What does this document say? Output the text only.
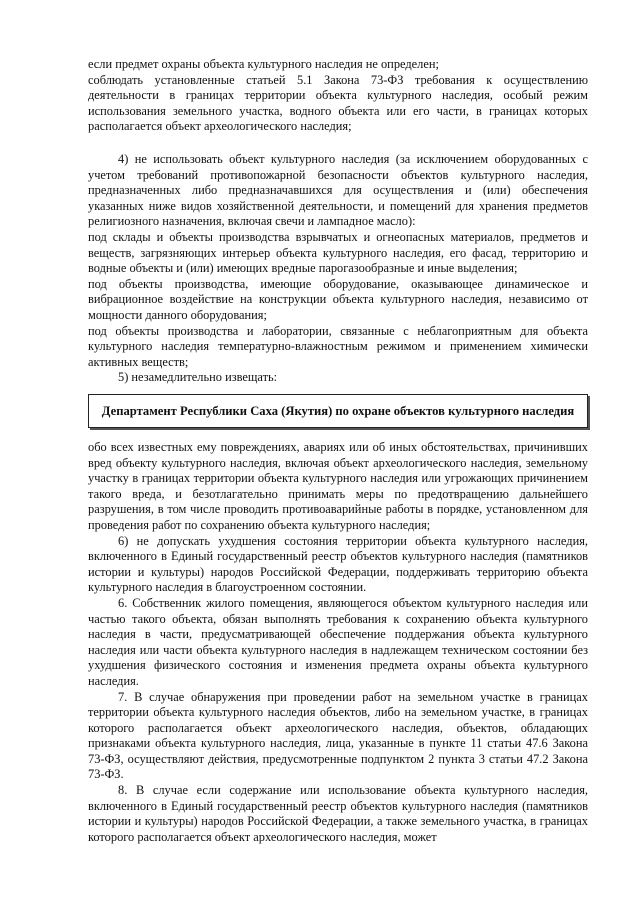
если предмет охраны объекта культурного наследия не определен;

соблюдать установленные статьей 5.1 Закона 73-ФЗ требования к осуществлению деятельности в границах территории объекта культурного наследия, особый режим использования земельного участка, водного объекта или его части, в границах которых располагается объект археологического наследия;

4) не использовать объект культурного наследия (за исключением оборудованных с учетом требований противопожарной безопасности объектов культурного наследия, предназначенных либо предназначавшихся для осуществления и (или) обеспечения указанных ниже видов хозяйственной деятельности, и помещений для хранения предметов религиозного назначения, включая свечи и лампадное масло):

под склады и объекты производства взрывчатых и огнеопасных материалов, предметов и веществ, загрязняющих интерьер объекта культурного наследия, его фасад, территорию и водные объекты и (или) имеющих вредные парогазообразные и иные выделения;

под объекты производства, имеющие оборудование, оказывающее динамическое и вибрационное воздействие на конструкции объекта культурного наследия, независимо от мощности данного оборудования;

под объекты производства и лаборатории, связанные с неблагоприятным для объекта культурного наследия температурно-влажностным режимом и применением химически активных веществ;

5) незамедлительно извещать:

Департамент Республики Саха (Якутия) по охране объектов культурного наследия

обо всех известных ему повреждениях, авариях или об иных обстоятельствах, причинивших вред объекту культурного наследия, включая объект археологического наследия, земельному участку в границах территории объекта культурного наследия или угрожающих причинением такого вреда, и безотлагательно принимать меры по предотвращению дальнейшего разрушения, в том числе проводить противоаварийные работы в порядке, установленном для проведения работ по сохранению объекта культурного наследия;

6) не допускать ухудшения состояния территории объекта культурного наследия, включенного в Единый государственный реестр объектов культурного наследия (памятников истории и культуры) народов Российской Федерации, поддерживать территорию объекта культурного наследия в благоустроенном состоянии.

6. Собственник жилого помещения, являющегося объектом культурного наследия или частью такого объекта, обязан выполнять требования к сохранению объекта культурного наследия в части, предусматривающей обеспечение поддержания объекта культурного наследия или части объекта культурного наследия в надлежащем техническом состоянии без ухудшения физического состояния и изменения предмета охраны объекта культурного наследия.

7. В случае обнаружения при проведении работ на земельном участке в границах территории объекта культурного наследия объектов, либо на земельном участке, в границах которого располагается объект археологического наследия, объектов, обладающих признаками объекта культурного наследия, лица, указанные в пункте 11 статьи 47.6 Закона 73-ФЗ, осуществляют действия, предусмотренные подпунктом 2 пункта 3 статьи 47.2 Закона 73-ФЗ.

8. В случае если содержание или использование объекта культурного наследия, включенного в Единый государственный реестр объектов культурного наследия (памятников истории и культуры) народов Российской Федерации, а также земельного участка, в границах которого располагается объект археологического наследия, может
